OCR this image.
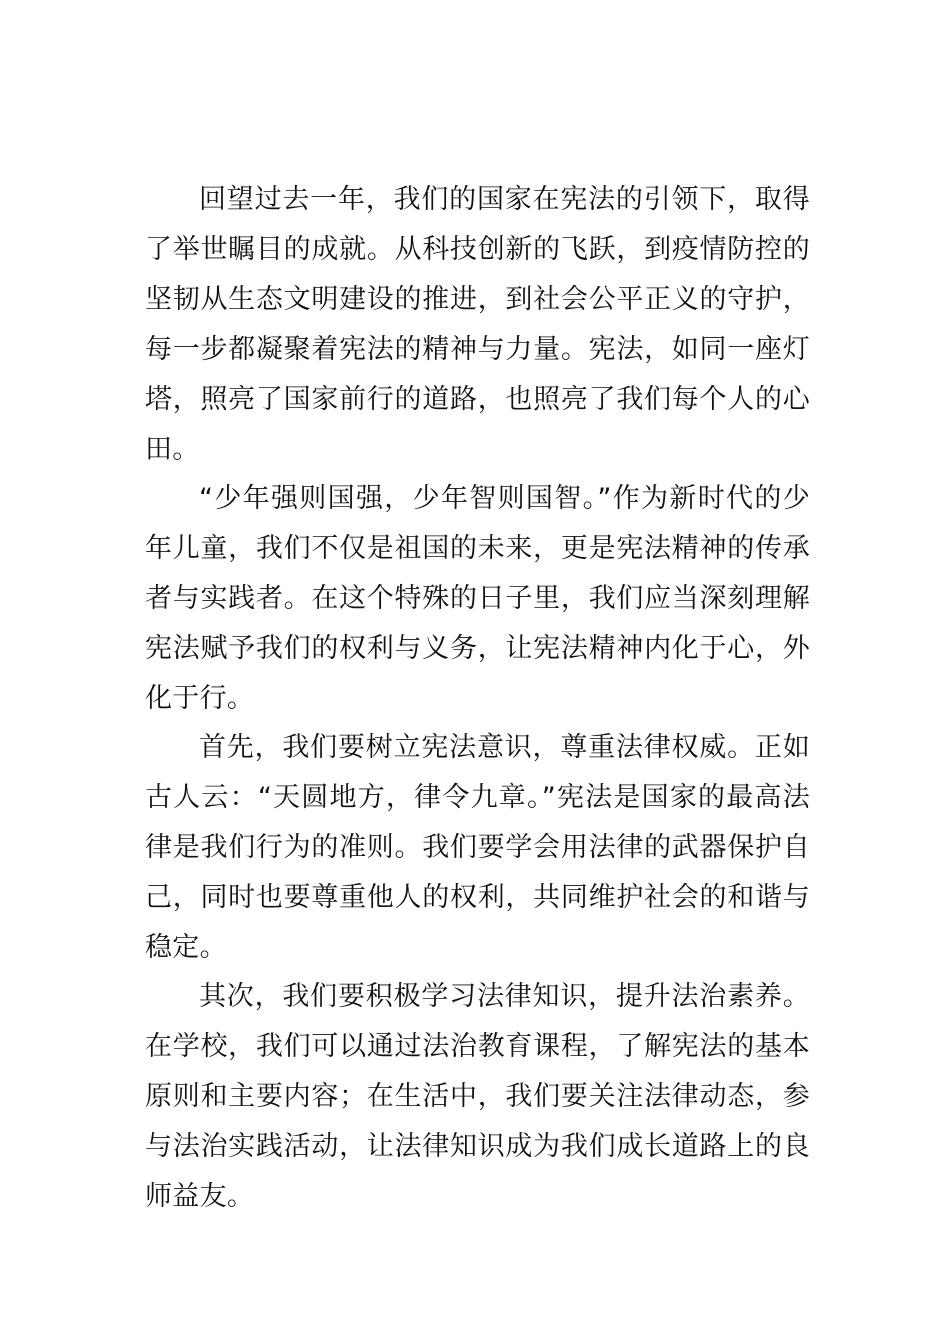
回望过去一年，我们的国家在宪法的引领下，取得了举世瞩目的成就。从科技创新的飞跃，到疫情防控的坚韧从生态文明建设的推进，到社会公平正义的守护，每一步都凝聚着宪法的精神与力量。宪法，如同一座灯塔，照亮了国家前行的道路，也照亮了我们每个人的心田。

“少年强则国强，少年智则国智。”作为新时代的少年儿童，我们不仅是祖国的未来，更是宪法精神的传承者与实践者。在这个特殊的日子里，我们应当深刻理解宪法赋予我们的权利与义务，让宪法精神内化于心，外化于行。

首先，我们要树立宪法意识，尊重法律权威。正如古人云：“天圆地方，律令九章。”宪法是国家的最高法律是我们行为的准则。我们要学会用法律的武器保护自己，同时也要尊重他人的权利，共同维护社会的和谐与稳定。

其次，我们要积极学习法律知识，提升法治素养。在学校，我们可以通过法治教育课程，了解宪法的基本原则和主要内容；在生活中，我们要关注法律动态，参与法治实践活动，让法律知识成为我们成长道路上的良师益友。
